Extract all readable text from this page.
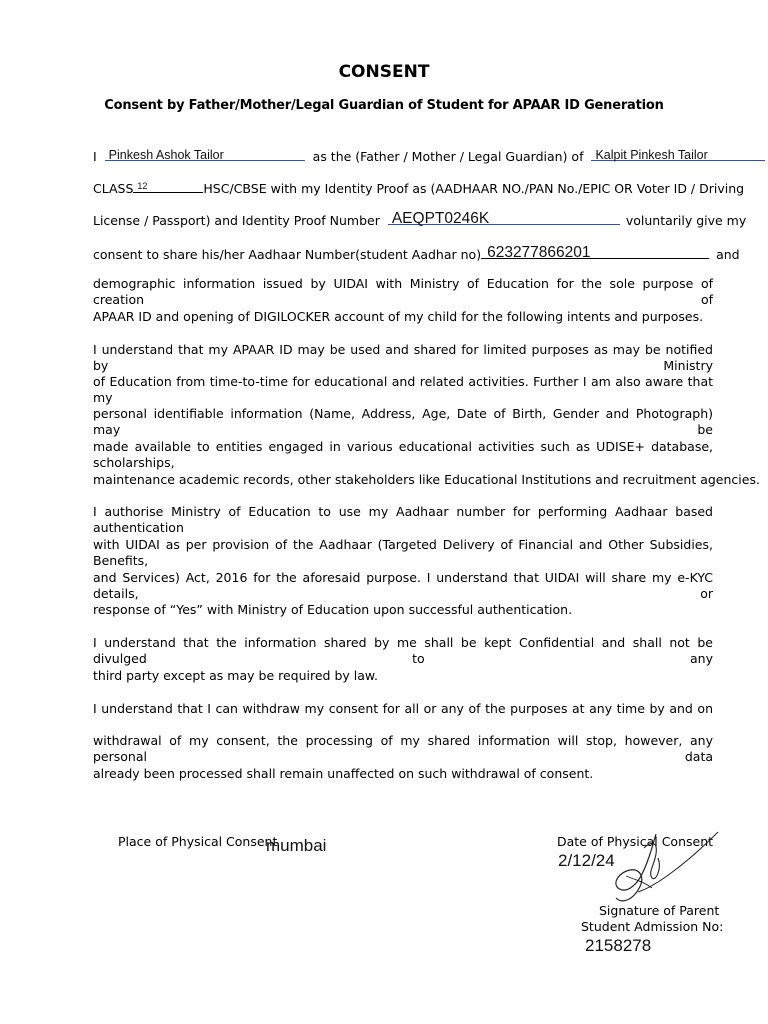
CONSENT
Consent by Father/Mother/Legal Guardian of Student for APAAR ID Generation
I Pinkesh Ashok Tailor	as the (Father / Mother / Legal Guardian) of Kalpit Pinkesh Tailor
CLASS 12	HSC/CBSE with my Identity Proof as (AADHAAR NO./PAN No./EPIC OR Voter ID / Driving
License / Passport) and Identity Proof Number AEQPT0246K	voluntarily give my
consent to share his/her Aadhaar Number(student Aadhar no) 623277866201	and
demographic information issued by UIDAI with Ministry of Education for the sole purpose of creation of
APAAR ID and opening of DIGILOCKER account of my child for the following intents and purposes.
I understand that my APAAR ID may be used and shared for limited purposes as may be notified by Ministry
of Education from time-to-time for educational and related activities. Further I am also aware that my
personal identifiable information (Name, Address, Age, Date of Birth, Gender and Photograph) may be
made available to entities engaged in various educational activities such as UDISE+ database, scholarships,
maintenance academic records, other stakeholders like Educational Institutions and recruitment agencies.
I authorise Ministry of Education to use my Aadhaar number for performing Aadhaar based authentication
with UIDAI as per provision of the Aadhaar (Targeted Delivery of Financial and Other Subsidies, Benefits,
and Services) Act, 2016 for the aforesaid purpose. I understand that UIDAI will share my e-KYC details, or
response of “Yes” with Ministry of Education upon successful authentication.
I understand that the information shared by me shall be kept Confidential and shall not be divulged to any
third party except as may be required by law.
I understand that I can withdraw my consent for all or any of the purposes at any time by and on
withdrawal of my consent, the processing of my shared information will stop, however, any personal data
already been processed shall remain unaffected on such withdrawal of consent.
Place of Physical Consent
mumbai	Date of Physical Consent
2/12/24
Signature of Parent
Student Admission No:
2158278
